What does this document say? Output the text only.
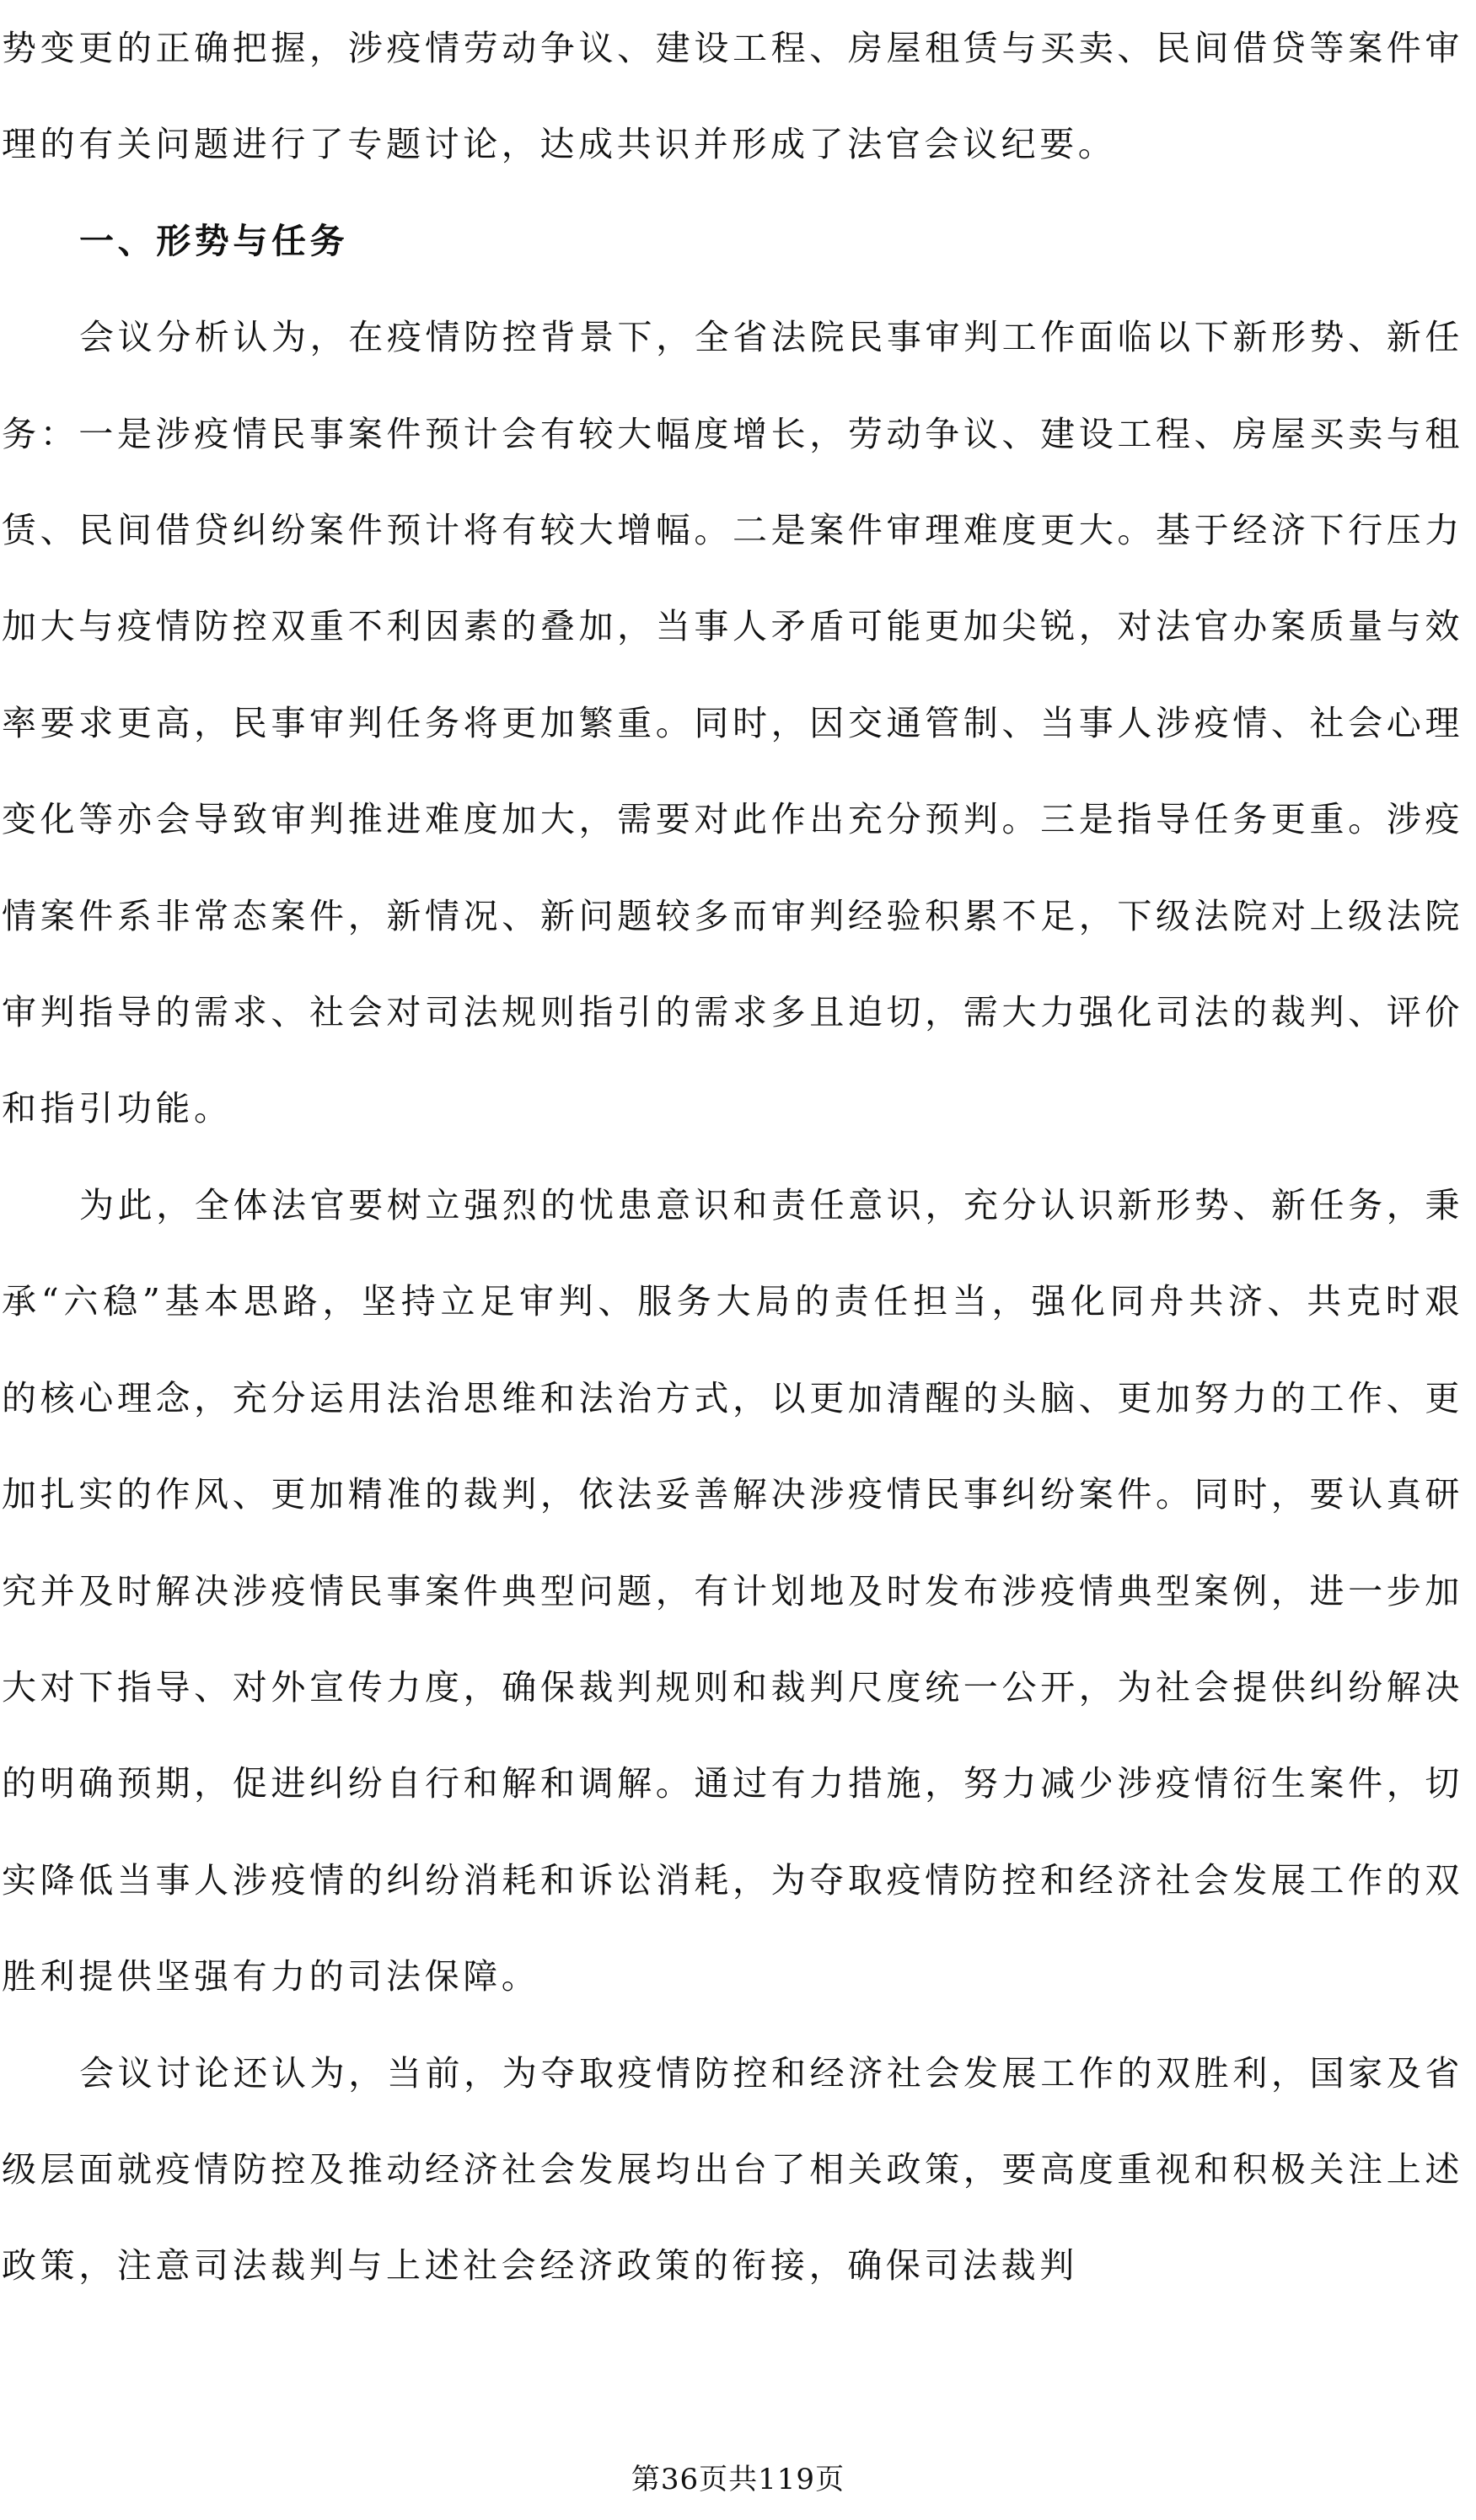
势变更的正确把握，涉疫情劳动争议、建设工程、房屋租赁与买卖、民间借贷等案件审理的有关问题进行了专题讨论，达成共识并形成了法官会议纪要。

一、形势与任务

会议分析认为，在疫情防控背景下，全省法院民事审判工作面临以下新形势、新任务：一是涉疫情民事案件预计会有较大幅度增长，劳动争议、建设工程、房屋买卖与租赁、民间借贷纠纷案件预计将有较大增幅。二是案件审理难度更大。基于经济下行压力加大与疫情防控双重不利因素的叠加，当事人矛盾可能更加尖锐，对法官办案质量与效率要求更高，民事审判任务将更加繁重。同时，因交通管制、当事人涉疫情、社会心理变化等亦会导致审判推进难度加大，需要对此作出充分预判。三是指导任务更重。涉疫情案件系非常态案件，新情况、新问题较多而审判经验积累不足，下级法院对上级法院审判指导的需求、社会对司法规则指引的需求多且迫切，需大力强化司法的裁判、评价和指引功能。

为此，全体法官要树立强烈的忧患意识和责任意识，充分认识新形势、新任务，秉承“六稳”基本思路，坚持立足审判、服务大局的责任担当，强化同舟共济、共克时艰的核心理念，充分运用法治思维和法治方式，以更加清醒的头脑、更加努力的工作、更加扎实的作风、更加精准的裁判，依法妥善解决涉疫情民事纠纷案件。同时，要认真研究并及时解决涉疫情民事案件典型问题，有计划地及时发布涉疫情典型案例，进一步加大对下指导、对外宣传力度，确保裁判规则和裁判尺度统一公开，为社会提供纠纷解决的明确预期，促进纠纷自行和解和调解。通过有力措施，努力减少涉疫情衍生案件，切实降低当事人涉疫情的纠纷消耗和诉讼消耗，为夺取疫情防控和经济社会发展工作的双胜利提供坚强有力的司法保障。

会议讨论还认为，当前，为夺取疫情防控和经济社会发展工作的双胜利，国家及省级层面就疫情防控及推动经济社会发展均出台了相关政策，要高度重视和积极关注上述政策，注意司法裁判与上述社会经济政策的衔接，确保司法裁判

第36页共119页
